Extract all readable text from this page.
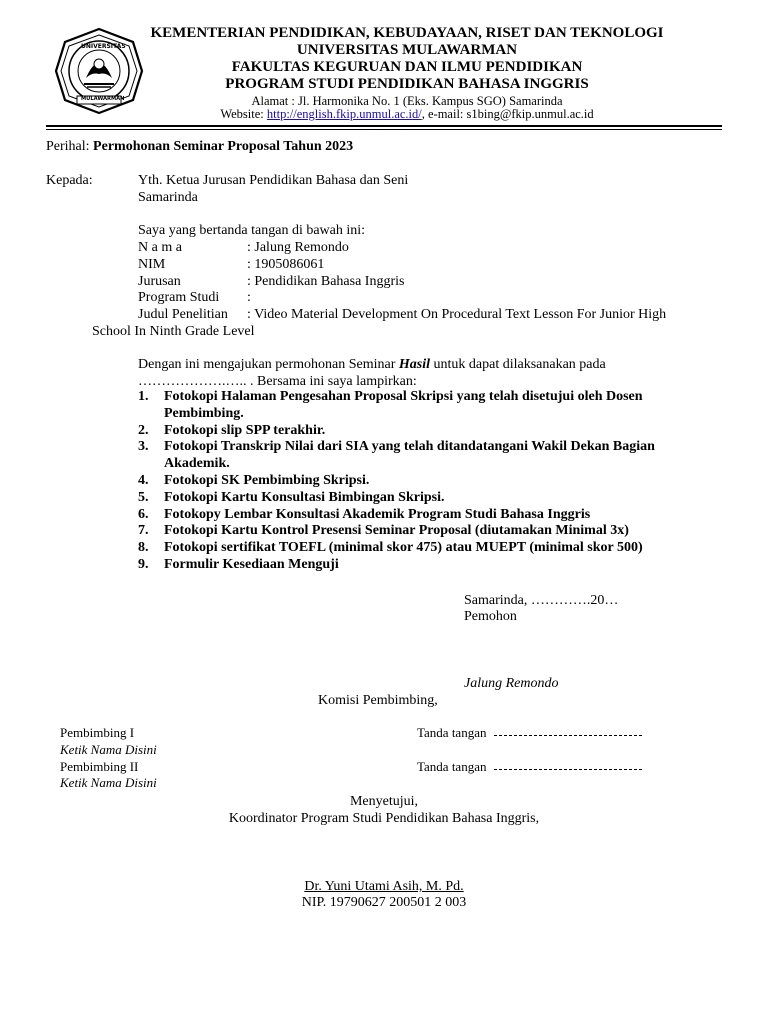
UNIVERSITAS
MULAWARMAN
KEMENTERIAN PENDIDIKAN, KEBUDAYAAN, RISET DAN TEKNOLOGI
UNIVERSITAS MULAWARMAN
FAKULTAS KEGURUAN DAN ILMU PENDIDIKAN
PROGRAM STUDI PENDIDIKAN BAHASA INGGRIS
Alamat : Jl. Harmonika No. 1 (Eks. Kampus SGO) Samarinda
Website: http://english.fkip.unmul.ac.id/, e-mail: s1bing@fkip.unmul.ac.id
Perihal: Permohonan Seminar Proposal Tahun 2023
Kepada:	Yth. Ketua Jurusan Pendidikan Bahasa dan Seni
Samarinda
Saya yang bertanda tangan di bawah ini:
N a m a	: Jalung Remondo
NIM	: 1905086061
Jurusan	: Pendidikan Bahasa Inggris
Program Studi :
Judul Penelitian : Video Material Development On Procedural Text Lesson For Junior High
School In Ninth Grade Level
Dengan ini mengajukan permohonan Seminar Hasil untuk dapat dilaksanakan pada
……………….….. . Bersama ini saya lampirkan:
1. Fotokopi Halaman Pengesahan Proposal Skripsi yang telah disetujui oleh Dosen Pembimbing.
2. Fotokopi slip SPP terakhir.
3. Fotokopi Transkrip Nilai dari SIA yang telah ditandatangani Wakil Dekan Bagian Akademik.
4. Fotokopi SK Pembimbing Skripsi.
5. Fotokopi Kartu Konsultasi Bimbingan Skripsi.
6. Fotokopy Lembar Konsultasi Akademik Program Studi Bahasa Inggris
7. Fotokopi Kartu Kontrol Presensi Seminar Proposal (diutamakan Minimal 3x)
8. Fotokopi sertifikat TOEFL (minimal skor 475) atau MUEPT (minimal skor 500)
9. Formulir Kesediaan Menguji
Samarinda, ………….20…
Pemohon
Jalung Remondo
Komisi Pembimbing,
Pembimbing I
Ketik Nama Disini
Tanda tangan
Pembimbing II
Ketik Nama Disini
Tanda tangan
Menyetujui,
Koordinator Program Studi Pendidikan Bahasa Inggris,
Dr. Yuni Utami Asih, M. Pd.
NIP. 19790627 200501 2 003
